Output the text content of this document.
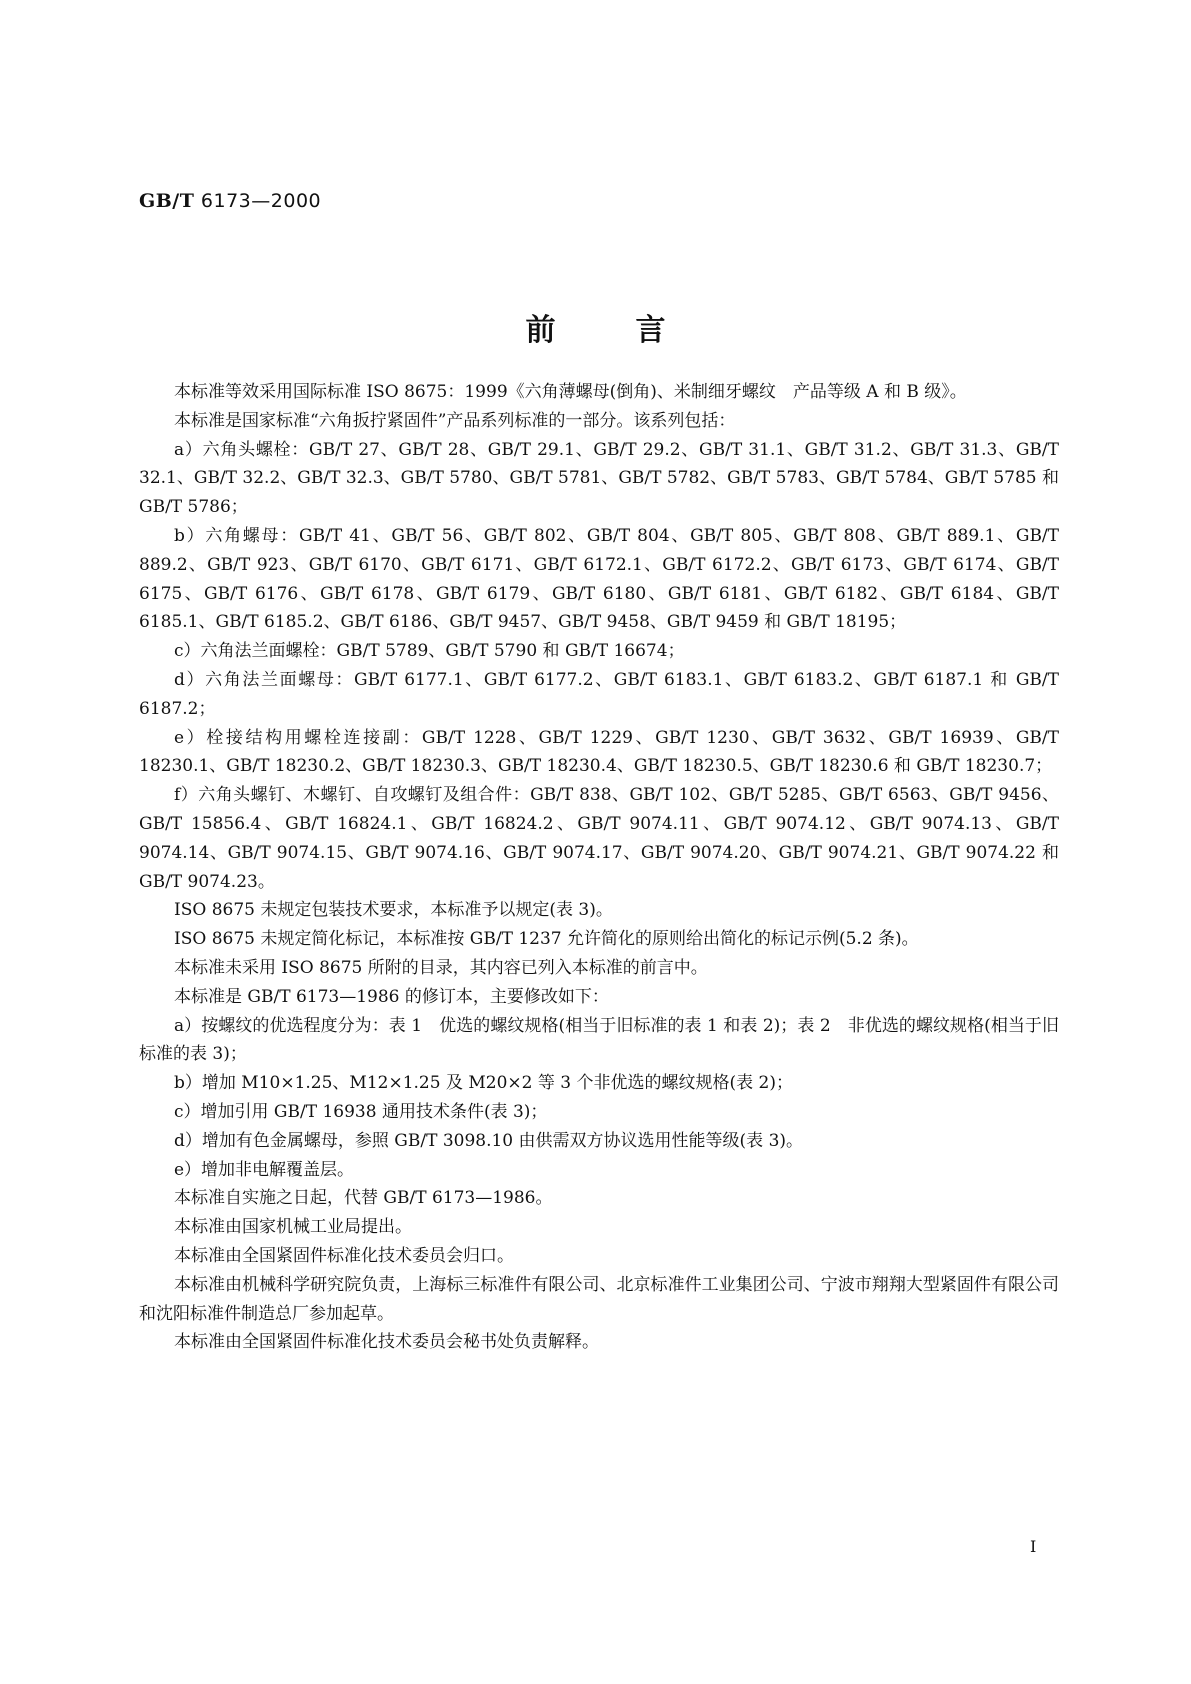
GB/T 6173—2000
前言

本标准等效采用国际标准 ISO 8675：1999《六角薄螺母(倒角)、米制细牙螺纹　产品等级 A 和 B 级》。

本标准是国家标准“六角扳拧紧固件”产品系列标准的一部分。该系列包括：

a）六角头螺栓：GB/T 27、GB/T 28、GB/T 29.1、GB/T 29.2、GB/T 31.1、GB/T 31.2、GB/T 31.3、GB/T 32.1、GB/T 32.2、GB/T 32.3、GB/T 5780、GB/T 5781、GB/T 5782、GB/T 5783、GB/T 5784、GB/T 5785 和 GB/T 5786；

b）六角螺母：GB/T 41、GB/T 56、GB/T 802、GB/T 804、GB/T 805、GB/T 808、GB/T 889.1、GB/T 889.2、GB/T 923、GB/T 6170、GB/T 6171、GB/T 6172.1、GB/T 6172.2、GB/T 6173、GB/T 6174、GB/T 6175、GB/T 6176、GB/T 6178、GB/T 6179、GB/T 6180、GB/T 6181、GB/T 6182、GB/T 6184、GB/T 6185.1、GB/T 6185.2、GB/T 6186、GB/T 9457、GB/T 9458、GB/T 9459 和 GB/T 18195；

c）六角法兰面螺栓：GB/T 5789、GB/T 5790 和 GB/T 16674；

d）六角法兰面螺母：GB/T 6177.1、GB/T 6177.2、GB/T 6183.1、GB/T 6183.2、GB/T 6187.1 和 GB/T 6187.2；

e）栓接结构用螺栓连接副：GB/T 1228、GB/T 1229、GB/T 1230、GB/T 3632、GB/T 16939、GB/T 18230.1、GB/T 18230.2、GB/T 18230.3、GB/T 18230.4、GB/T 18230.5、GB/T 18230.6 和 GB/T 18230.7；

f）六角头螺钉、木螺钉、自攻螺钉及组合件：GB/T 838、GB/T 102、GB/T 5285、GB/T 6563、GB/T 9456、GB/T 15856.4、GB/T 16824.1、GB/T 16824.2、GB/T 9074.11、GB/T 9074.12、GB/T 9074.13、GB/T 9074.14、GB/T 9074.15、GB/T 9074.16、GB/T 9074.17、GB/T 9074.20、GB/T 9074.21、GB/T 9074.22 和 GB/T 9074.23。

ISO 8675 未规定包装技术要求，本标准予以规定(表 3)。

ISO 8675 未规定简化标记，本标准按 GB/T 1237 允许简化的原则给出简化的标记示例(5.2 条)。

本标准未采用 ISO 8675 所附的目录，其内容已列入本标准的前言中。

本标准是 GB/T 6173—1986 的修订本，主要修改如下：

a）按螺纹的优选程度分为：表 1　优选的螺纹规格(相当于旧标准的表 1 和表 2)；表 2　非优选的螺纹规格(相当于旧标准的表 3)；

b）增加 M10×1.25、M12×1.25 及 M20×2 等 3 个非优选的螺纹规格(表 2)；

c）增加引用 GB/T 16938 通用技术条件(表 3)；

d）增加有色金属螺母，参照 GB/T 3098.10 由供需双方协议选用性能等级(表 3)。

e）增加非电解覆盖层。

本标准自实施之日起，代替 GB/T 6173—1986。

本标准由国家机械工业局提出。

本标准由全国紧固件标准化技术委员会归口。

本标准由机械科学研究院负责，上海标三标准件有限公司、北京标准件工业集团公司、宁波市翔翔大型紧固件有限公司和沈阳标准件制造总厂参加起草。

本标准由全国紧固件标准化技术委员会秘书处负责解释。

I
